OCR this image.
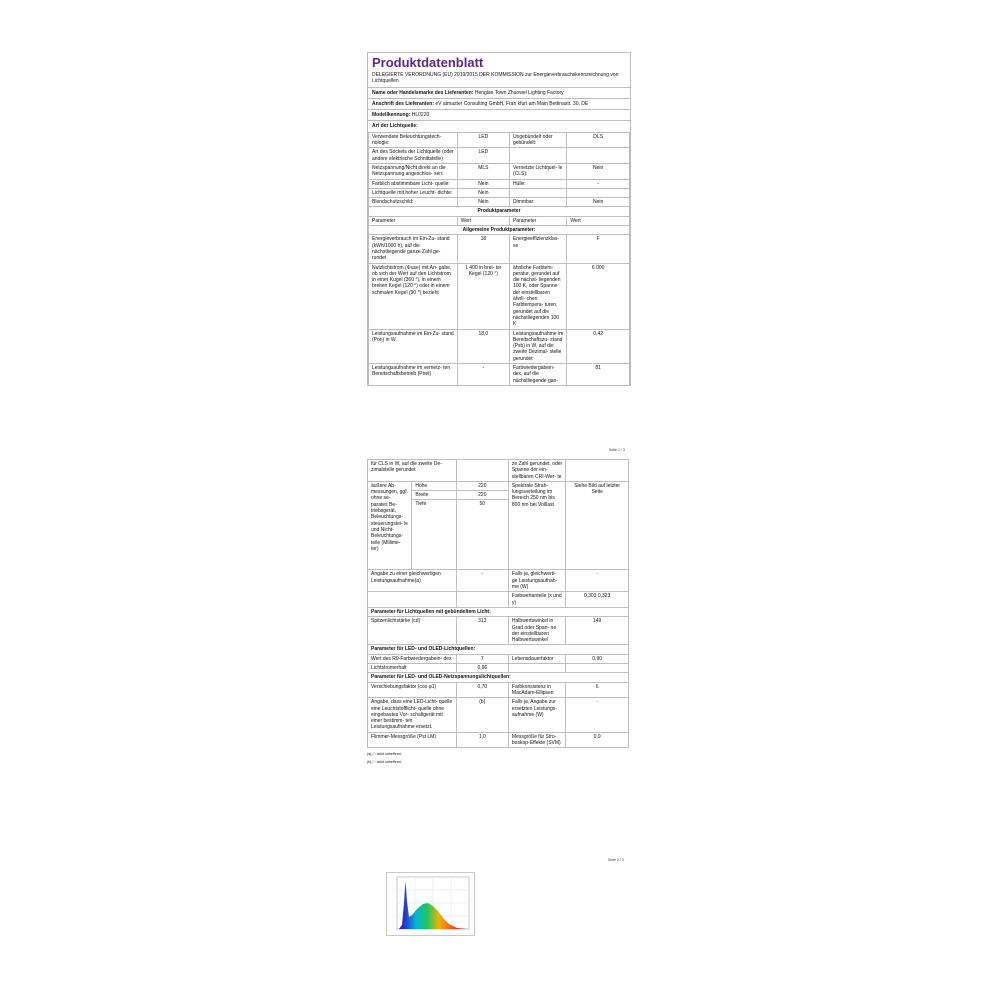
Produktdatenblatt
DELEGIERTE VERORDNUNG (EU) 2019/2015 DER KOMMISSION zur Energieverbrauchskennzeichnung von Lichtquellen
Name oder Handelsmarke des Lieferanten: Henglan Town Zhuowei Lighting Factory
Anschrift des Lieferanten: eV atmaster Consulting GmbH, Fran kfurt am Main Bettinastr. 30, DE
Modellkennung: HL0220
Art der Lichtquelle:
Verwendete Beleuchtungstech- nologie:	LED	Ungebündelt oder gebündelt:	DLS
Art des Sockels der Lichtquelle (oder andere elektrische Schnittstelle)	LED		
Netzspannung/Nicht direkt an die Netzspannung angeschlos- sen:	MLS	Vernetzte Lichtquel- le (CLS):	Nein
Farblich abstimmbare Licht- quelle:	Nein	Hülle:	-
Lichtquelle mit hoher Leucht- dichte:	Nein		
Blendschutzschild:	Nein	Dimmbar:	Nein
Produktparameter			
Parameter	Wert	Parameter	Wert
Allgemeine Produktparameter:			
Energieverbrauch im Ein-Zu- stand (kWh/1000 h), auf die nächstliegende ganze Zahl ge- rundet	18	Energieeffizienzklas- se	F
Nutzlichtstrom (Φuse) mit An- gabe, ob sich der Wert auf den Lichtstrom in einer Kugel (360 °), in einem breiten Kegel (120 °) oder in einem schmalen Kegel (90 °) bezieht	1 400 in brei- ter Kegel (120 °)	ähnliche Farbtem- peratur, gerundet auf die nächst- liegenden 100 K, oder Spanne der einstellbaren ähnli- chen Farbtempera- turen, gerundet auf die nächstliegenden 100 K	6 000
Leistungsaufnahme im Ein-Zu- stand (Pon) in W	18,0	Leistungsaufnahme im Bereitschaftszu- stand (Psb) in W, auf die zweite Dezimal- stelle gerundet	0,42
Leistungsaufnahme im vernetz- ten Bereitschaftsbetrieb (Pnet)	-	Farbwiedergabein- dex, auf die nächstliegende gan-	81
Seite 1 / 3
für CLS in W, auf die zweite De- zimalstelle gerundet			ze Zahl gerundet, oder Spanne der ein- stellbaren CRI-Wer- te	
äußere Ab- messungen, ggf. ohne se- parates Be- triebsgerät, Beleuchtungs- steuerungstei- le und Nicht- Beleuchtungs- teile (Millime- ter)	Höhe	220	Spektrale Strah- lungsverteilung im Bereich 250 nm bis 800 nm bei Volllast	Siehe Bild auf letzter Seite
	Breite	220		
	Tiefe	50		
Angabe zu einer gleichwertigen Leistungsaufnahme(a)		-	Falls ja, gleichwerti- ge Leistungsaufnah- me (W)	-
			Farbwertanteile (x und y)	0,303 0,323
Parameter für Lichtquellen mit gebündeltem Licht:				
Spitzenlichtstärke (cd)		313	Halbwertswinkel in Grad oder Span- ne der einstellbaren Halbwertswinkel	149
Parameter für LED- und OLED-Lichtquellen:				
Wert des R9-Farbwiedergabein- dex		7	Lebensdauerfaktor	0,90
Lichtstromerhalt		0,96		
Parameter für LED- und OLED-Netzspannungslichtquellen:				
Verschiebungsfaktor (cos φ1)		0,70	Farbkonsistenz in MacAdam-Ellipsen	6
Angabe, dass eine LED-Licht- quelle eine Leuchtstofflicht- quelle ohne eingebautes Vor- schaltgerät mit einer bestimm- ten Leistungsaufnahme ersetzt.		(b)	Falls ja, Angabe zur ersetzten Leistungs- aufnahme (W)	-
Flimmer-Messgröße (Pst LM)		1,0	Messgröße für Stro- boskop-Effekte (SVM)	0,9
(a)„-“: nicht zutreffend;
(b)„-“: nicht zutreffend;
Seite 2 / 3
